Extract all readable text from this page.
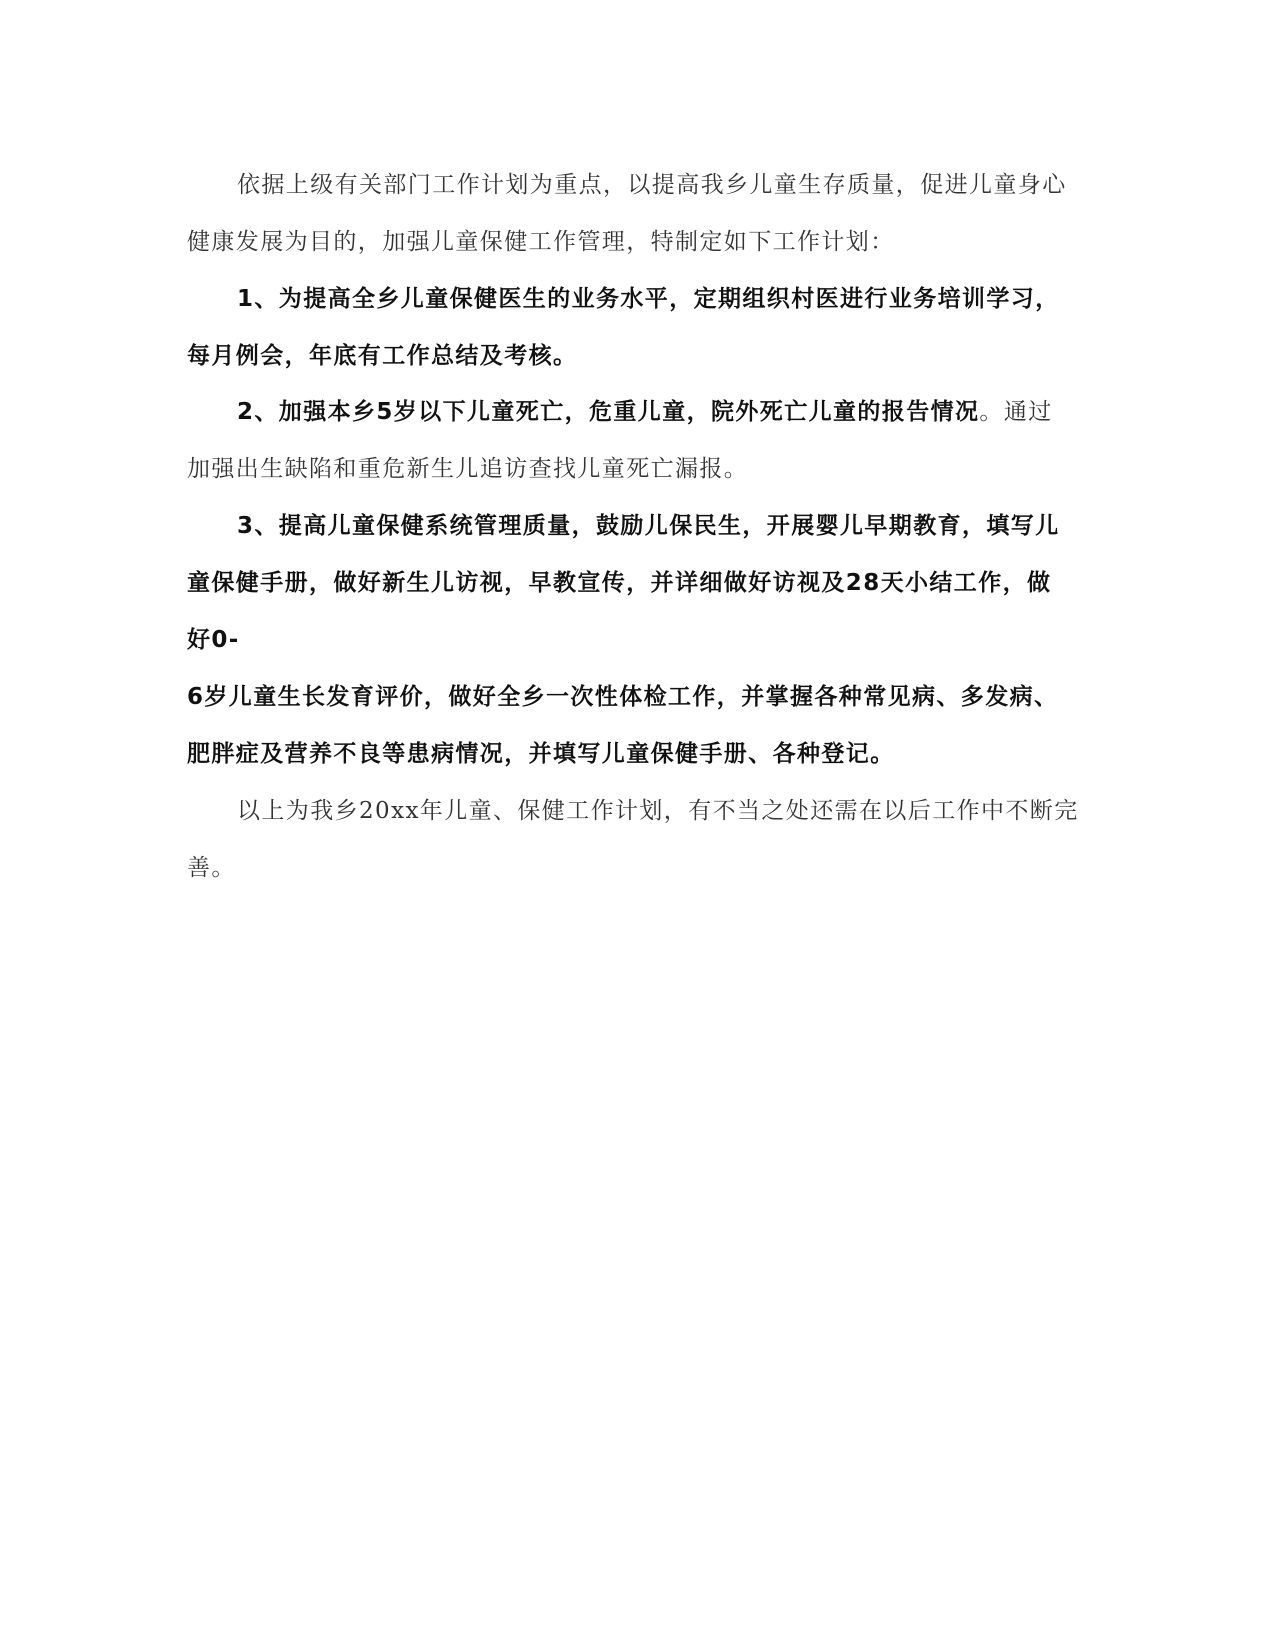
依据上级有关部门工作计划为重点，以提高我乡儿童生存质量，促进儿童身心
健康发展为目的，加强儿童保健工作管理，特制定如下工作计划：
1、为提高全乡儿童保健医生的业务水平，定期组织村医进行业务培训学习，
每月例会，年底有工作总结及考核。
2、加强本乡5岁以下儿童死亡，危重儿童，院外死亡儿童的报告情况。通过
加强出生缺陷和重危新生儿追访查找儿童死亡漏报。
3、提高儿童保健系统管理质量，鼓励儿保民生，开展婴儿早期教育，填写儿
童保健手册，做好新生儿访视，早教宣传，并详细做好访视及28天小结工作，做
好0-
6岁儿童生长发育评价，做好全乡一次性体检工作，并掌握各种常见病、多发病、
肥胖症及营养不良等患病情况，并填写儿童保健手册、各种登记。
以上为我乡20xx年儿童、保健工作计划，有不当之处还需在以后工作中不断完
善。
